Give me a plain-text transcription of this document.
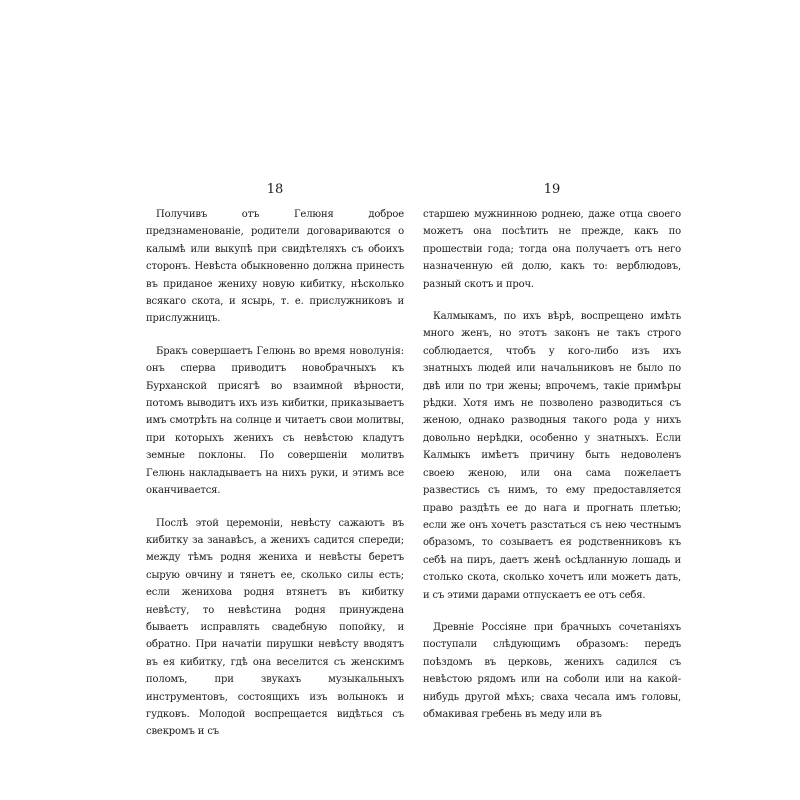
18

Получивъ отъ Гелюня доброе предзнаменованіе, родители договариваются о калымѣ или выкупѣ при свидѣтеляхъ съ обоихъ сторонъ. Невѣста обыкновенно должна принесть въ приданое жениху новую кибитку, нѣсколько всякаго скота, и ясырь, т. е. прислужниковъ и прислужницъ.

Бракъ совершаетъ Гелюнь во время новолунія: онъ сперва приводитъ новобрачныхъ къ Бурханской присягѣ во взаимной вѣрности, потомъ выводитъ ихъ изъ кибитки, приказываетъ имъ смотрѣть на солнце и читаетъ свои молитвы, при которыхъ женихъ съ невѣстою кладутъ земные поклоны. По совершеніи молитвъ Гелюнь накладываетъ на нихъ руки, и этимъ все оканчивается.

Послѣ этой церемоніи, невѣсту сажаютъ въ кибитку за занавѣсъ, а женихъ садится спереди; между тѣмъ родня жениха и невѣсты беретъ сырую овчину и тянетъ ее, сколько силы есть; если женихова родня втянетъ въ кибитку невѣсту, то невѣстина родня принуждена бываетъ исправлять свадебную попойку, и обратно. При начатіи пирушки невѣсту вводятъ въ ея кибитку, гдѣ она веселится съ женскимъ поломъ, при звукахъ музыкальныхъ инструментовъ, состоящихъ изъ волынокъ и гудковъ. Молодой воспрещается видѣться съ свекромъ и съ

19

старшею мужнинною роднею, даже отца своего можетъ она посѣтить не прежде, какъ по прошествіи года; тогда она получаетъ отъ него назначенную ей долю, какъ то: верблюдовъ, разный скотъ и проч.

Калмыкамъ, по ихъ вѣрѣ, воспрещено имѣть много женъ, но этотъ законъ не такъ строго соблюдается, чтобъ у кого-либо изъ ихъ знатныхъ людей или начальниковъ не было по двѣ или по три жены; впрочемъ, такіе примѣры рѣдки. Хотя имъ не позволено разводиться съ женою, однако разводныя такого рода у нихъ довольно нерѣдки, особенно у знатныхъ. Если Калмыкъ имѣетъ причину быть недоволенъ своею женою, или она сама пожелаетъ развестись съ нимъ, то ему предоставляется право раздѣть ее до нага и прогнать плетью; если же онъ хочетъ разстаться съ нею честнымъ образомъ, то созываетъ ея родственниковъ къ себѣ на пиръ, даетъ женѣ осѣдланную лошадь и столько скота, сколько хочетъ или можетъ дать, и съ этими дарами отпускаетъ ее отъ себя.

Древніе Россіяне при брачныхъ сочетаніяхъ поступали слѣдующимъ образомъ: передъ поѣздомъ въ церковь, женихъ садился съ невѣстою рядомъ или на соболи или на какой-нибудь другой мѣхъ; сваха чесала имъ головы, обмакивая гребень въ меду или въ
